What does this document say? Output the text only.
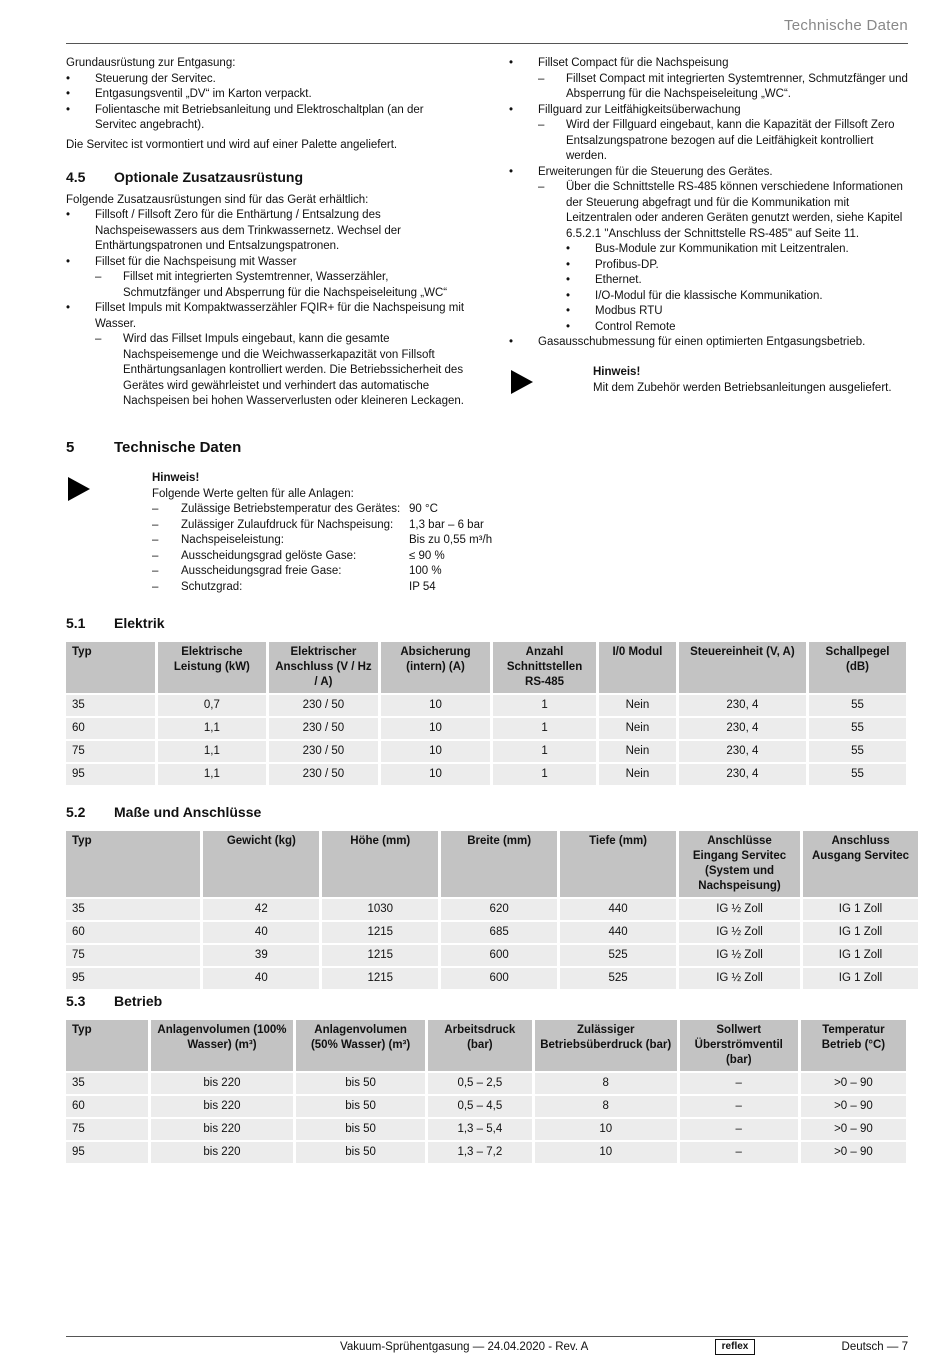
Technische Daten

Grundausrüstung zur Entgasung:

• Steuerung der Servitec.
• Entgasungsventil „DV“ im Karton verpackt.
• Folientasche mit Betriebsanleitung und Elektroschaltplan (an der Servitec angebracht).

Die Servitec ist vormontiert und wird auf einer Palette angeliefert.

4.5 Optionale Zusatzausrüstung

Folgende Zusatzausrüstungen sind für das Gerät erhältlich:

• Fillsoft / Fillsoft Zero für die Enthärtung / Entsalzung des Nachspeisewassers aus dem Trinkwassernetz. Wechsel der Enthärtungspatronen und Entsalzungspatronen.
• Fillset für die Nachspeisung mit Wasser
– Fillset mit integrierten Systemtrenner, Wasserzähler, Schmutzfänger und Absperrung für die Nachspeiseleitung „WC“
• Fillset Impuls mit Kompaktwasserzähler FQIR+ für die Nachspeisung mit Wasser.
– Wird das Fillset Impuls eingebaut, kann die gesamte Nachspeisemenge und die Weichwasserkapazität von Fillsoft Enthärtungsanlagen kontrolliert werden. Die Betriebssicherheit des Gerätes wird gewährleistet und verhindert das automatische Nachspeisen bei hohen Wasserverlusten oder kleineren Leckagen.
• Fillset Compact für die Nachspeisung
– Fillset Compact mit integrierten Systemtrenner, Schmutzfänger und Absperrung für die Nachspeiseleitung „WC“.
• Fillguard zur Leitfähigkeitsüberwachung
– Wird der Fillguard eingebaut, kann die Kapazität der Fillsoft Zero Entsalzungspatrone bezogen auf die Leitfähigkeit kontrolliert werden.
• Erweiterungen für die Steuerung des Gerätes.
– Über die Schnittstelle RS-485 können verschiedene Informationen der Steuerung abgefragt und für die Kommunikation mit Leitzentralen oder anderen Geräten genutzt werden, siehe Kapitel 6.5.2.1 "Anschluss der Schnittstelle RS-485" auf Seite 11.
• Bus-Module zur Kommunikation mit Leitzentralen.
• Profibus-DP.
• Ethernet.
• I/O-Modul für die klassische Kommunikation.
• Modbus RTU
• Control Remote
• Gasausschubmessung für einen optimierten Entgasungsbetrieb.
Hinweis!
Mit dem Zubehör werden Betriebsanleitungen ausgeliefert.
5	Technische Daten
Hinweis!
Folgende Werte gelten für alle Anlagen:
– Zulässige Betriebstemperatur des Gerätes: 90 °C
– Zulässiger Zulaufdruck für Nachspeisung: 1,3 bar – 6 bar
– Nachspeiseleistung:	Bis zu 0,55 m³/h
– Ausscheidungsgrad gelöste Gase:	≤ 90 %
– Ausscheidungsgrad freie Gase:	100 %
– Schutzgrad:	IP 54
5.1 Elektrik
Typ	Elektrische Leistung (kW)	Elektrischer Anschluss (V / Hz / A)	Absicherung (intern) (A)	Anzahl Schnittstellen RS-485	I/0 Modul	Steuereinheit (V, A)	Schallpegel (dB)
35	0,7	230 / 50	10	1	Nein	230, 4	55
60	1,1	230 / 50	10	1	Nein	230, 4	55
75	1,1	230 / 50	10	1	Nein	230, 4	55
95	1,1	230 / 50	10	1	Nein	230, 4	55
5.2 Maße und Anschlüsse
Typ	Gewicht (kg)	Höhe (mm)	Breite (mm)	Tiefe (mm)	Anschlüsse Eingang Servitec (System und Nachspeisung)	Anschluss Ausgang Servitec
35	42	1030	620	440	IG ½ Zoll	IG 1 Zoll
60	40	1215	685	440	IG ½ Zoll	IG 1 Zoll
75	39	1215	600	525	IG ½ Zoll	IG 1 Zoll
95	40	1215	600	525	IG ½ Zoll	IG 1 Zoll
5.3 Betrieb
Typ	Anlagenvolumen (100% Wasser) (m³)	Anlagenvolumen (50% Wasser) (m³)	Arbeitsdruck (bar)	Zulässiger Betriebsüberdruck (bar)	Sollwert Überströmventil (bar)	Temperatur Betrieb (°C)
35	bis 220	bis 50	0,5 – 2,5	8	–	>0 – 90
60	bis 220	bis 50	0,5 – 4,5	8	–	>0 – 90
75	bis 220	bis 50	1,3 – 5,4	10	–	>0 – 90
95	bis 220	bis 50	1,3 – 7,2	10	–	>0 – 90
Vakuum-Sprühentgasung — 24.04.2020 - Rev. A	reflex	Deutsch — 7
